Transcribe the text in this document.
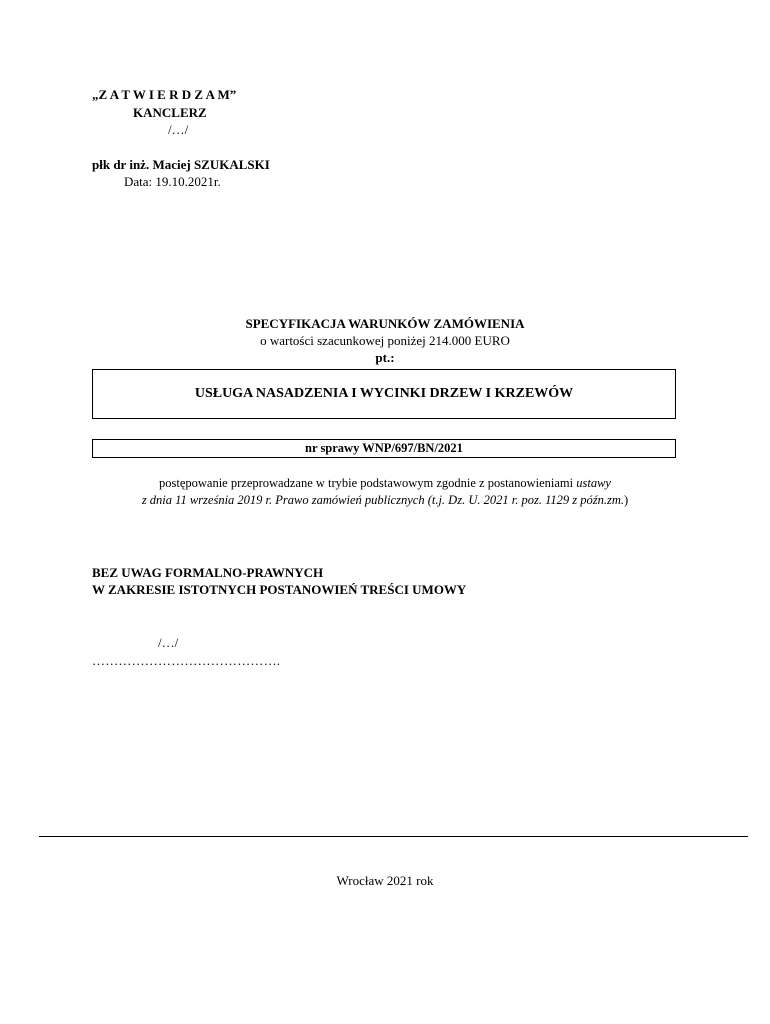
„Z A T W I E R D Z A M”
KANCLERZ
/…/
płk dr inż. Maciej SZUKALSKI
Data: 19.10.2021r.
SPECYFIKACJA WARUNKÓW ZAMÓWIENIA
o wartości szacunkowej poniżej 214.000 EURO
pt.:
USŁUGA NASADZENIA I WYCINKI DRZEW I KRZEWÓW
nr sprawy WNP/697/BN/2021
postępowanie przeprowadzane w trybie podstawowym zgodnie z postanowieniami ustawy
z dnia 11 września 2019 r. Prawo zamówień publicznych (t.j. Dz. U. 2021 r. poz. 1129 z późn.zm.)
BEZ UWAG FORMALNO-PRAWNYCH
W ZAKRESIE ISTOTNYCH POSTANOWIEŃ TREŚCI UMOWY
/…/
…………………………………….
Wrocław 2021 rok
